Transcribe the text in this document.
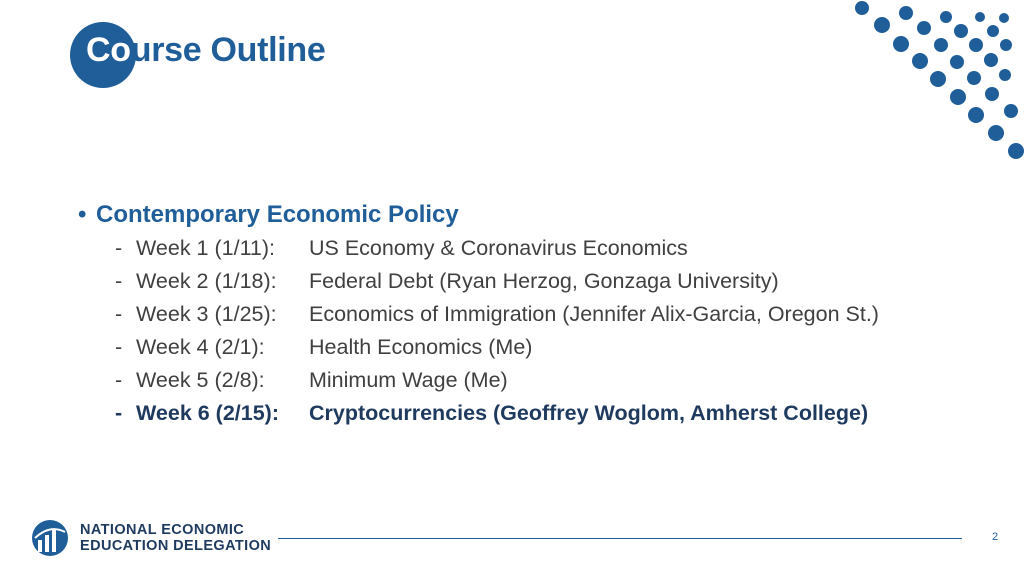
Course Outline
• Contemporary Economic Policy
- Week 1 (1/11): US Economy & Coronavirus Economics
- Week 2 (1/18): Federal Debt (Ryan Herzog, Gonzaga University)
- Week 3 (1/25): Economics of Immigration (Jennifer Alix-Garcia, Oregon St.)
- Week 4 (2/1): Health Economics (Me)
- Week 5 (2/8): Minimum Wage (Me)
- Week 6 (2/15): Cryptocurrencies (Geoffrey Woglom, Amherst College)
NATIONAL ECONOMIC
EDUCATION DELEGATION
2
